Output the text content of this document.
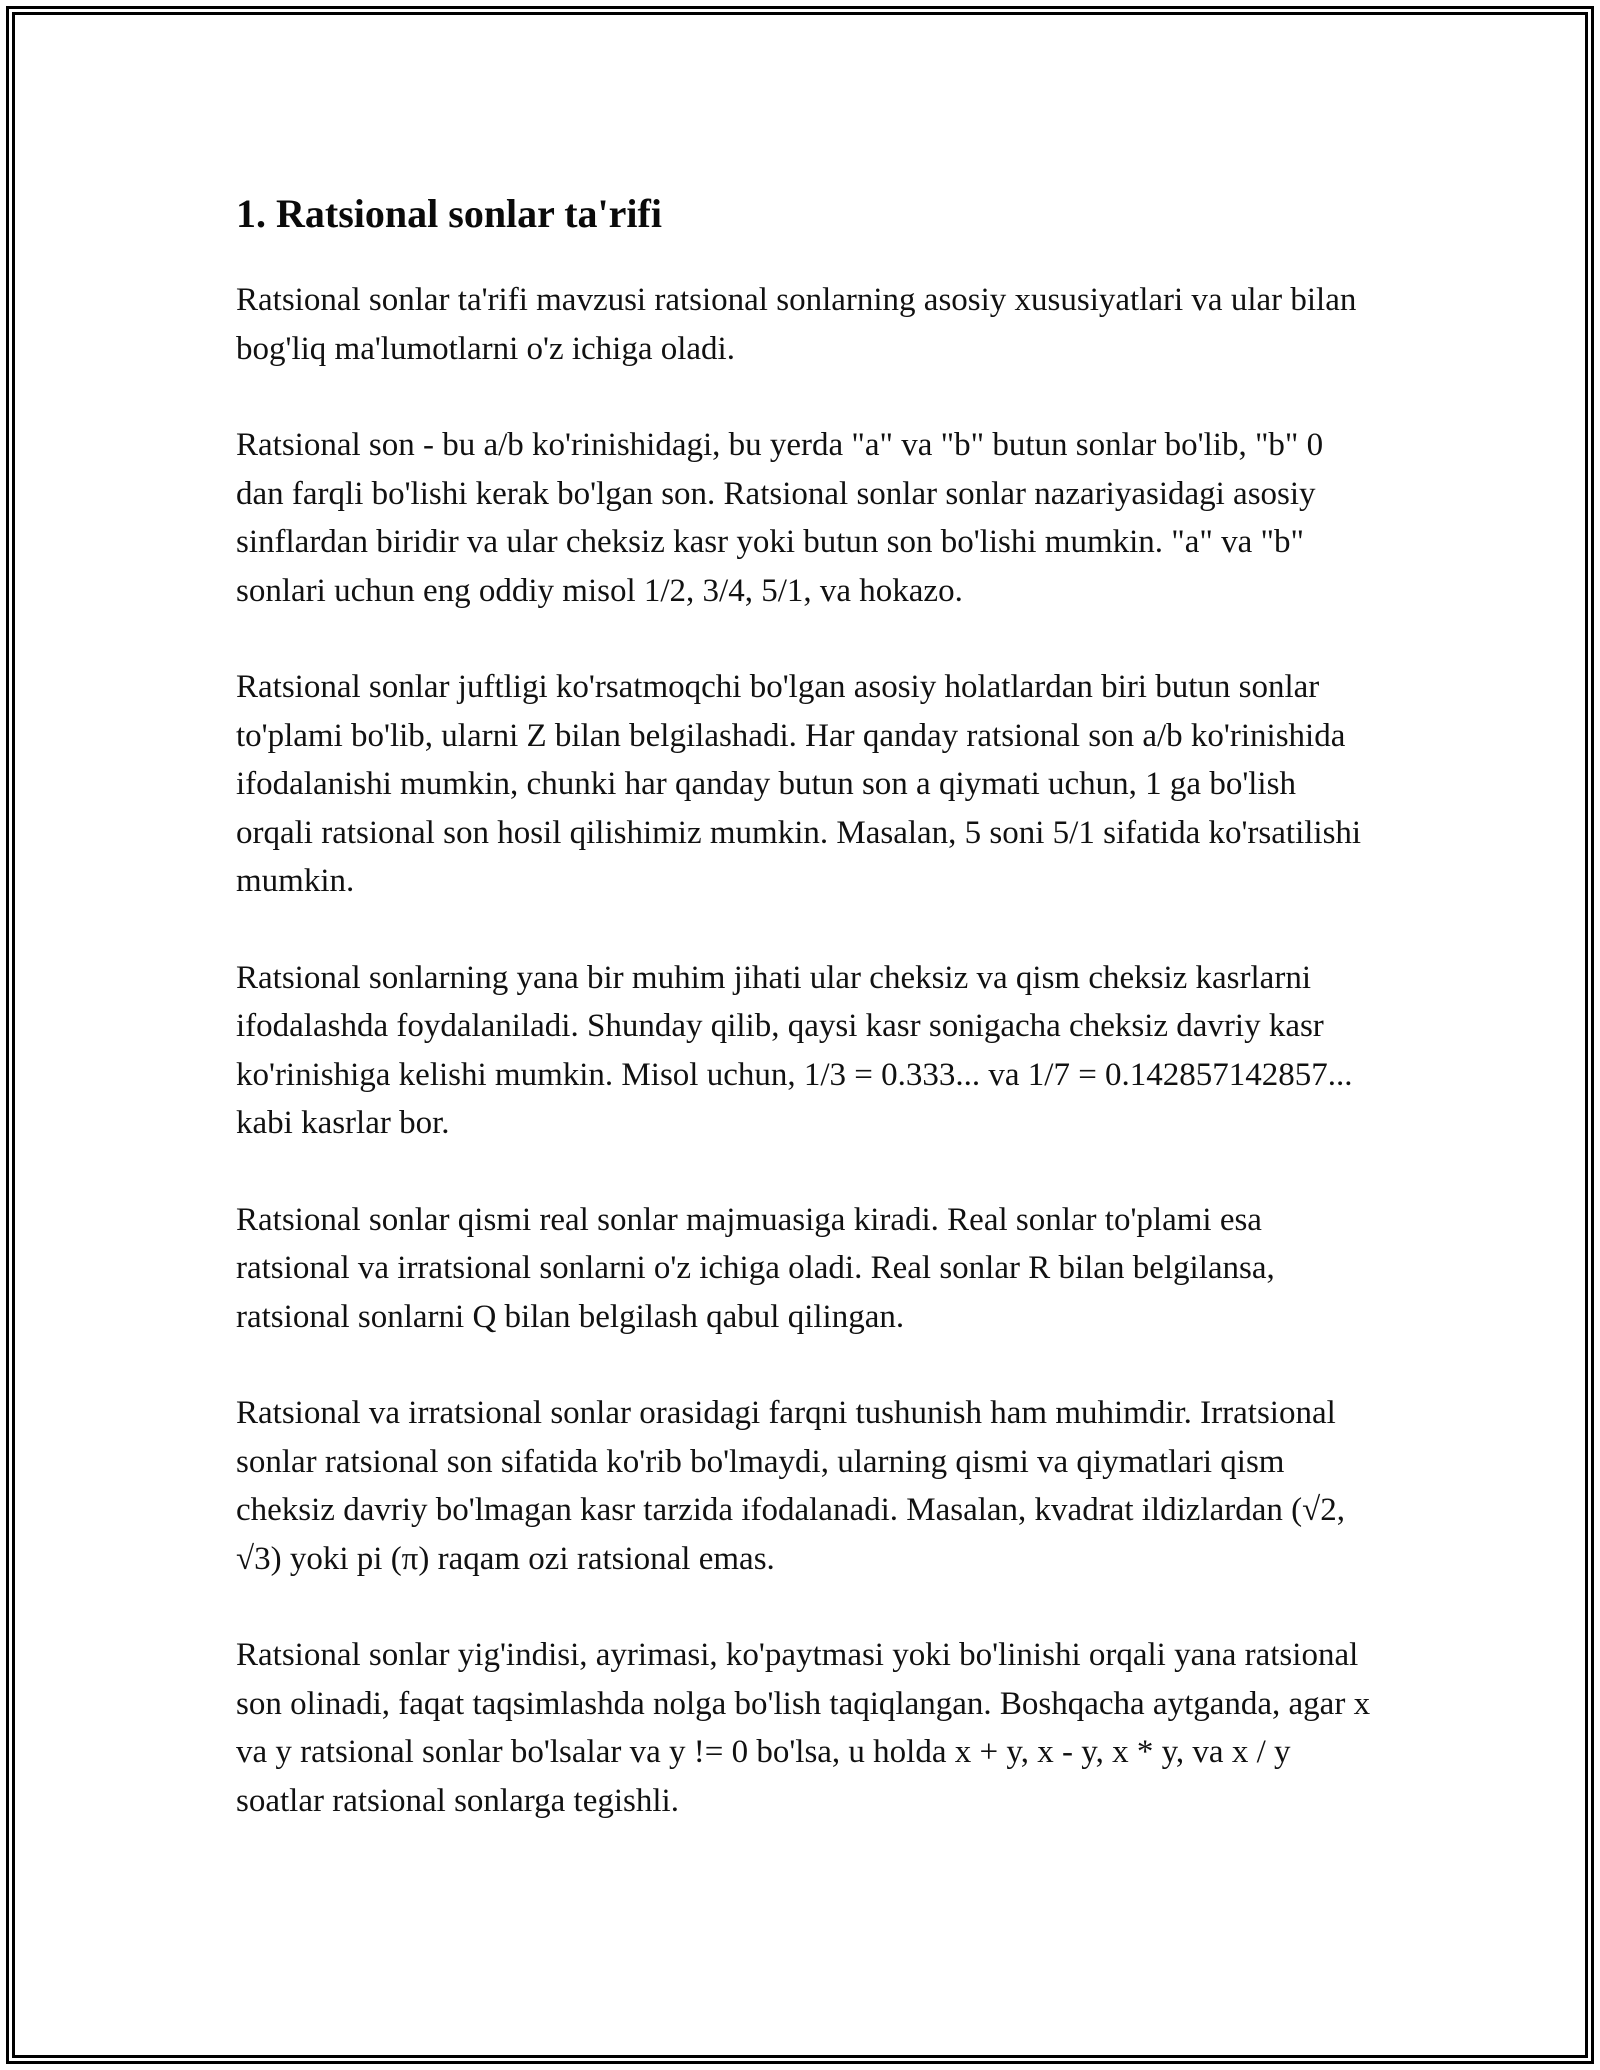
1. Ratsional sonlar ta'rifi

Ratsional sonlar ta'rifi mavzusi ratsional sonlarning asosiy xususiyatlari va ular bilan bog'liq ma'lumotlarni o'z ichiga oladi.

Ratsional son - bu a/b ko'rinishidagi, bu yerda "a" va "b" butun sonlar bo'lib, "b" 0 dan farqli bo'lishi kerak bo'lgan son. Ratsional sonlar sonlar nazariyasidagi asosiy sinflardan biridir va ular cheksiz kasr yoki butun son bo'lishi mumkin. "a" va "b" sonlari uchun eng oddiy misol 1/2, 3/4, 5/1, va hokazo.

Ratsional sonlar juftligi ko'rsatmoqchi bo'lgan asosiy holatlardan biri butun sonlar to'plami bo'lib, ularni Z bilan belgilashadi. Har qanday ratsional son a/b ko'rinishida ifodalanishi mumkin, chunki har qanday butun son a qiymati uchun, 1 ga bo'lish orqali ratsional son hosil qilishimiz mumkin. Masalan, 5 soni 5/1 sifatida ko'rsatilishi mumkin.

Ratsional sonlarning yana bir muhim jihati ular cheksiz va qism cheksiz kasrlarni ifodalashda foydalaniladi. Shunday qilib, qaysi kasr sonigacha cheksiz davriy kasr ko'rinishiga kelishi mumkin. Misol uchun, 1/3 = 0.333... va 1/7 = 0.142857142857... kabi kasrlar bor.

Ratsional sonlar qismi real sonlar majmuasiga kiradi. Real sonlar to'plami esa ratsional va irratsional sonlarni o'z ichiga oladi. Real sonlar R bilan belgilansa, ratsional sonlarni Q bilan belgilash qabul qilingan.

Ratsional va irratsional sonlar orasidagi farqni tushunish ham muhimdir. Irratsional sonlar ratsional son sifatida ko'rib bo'lmaydi, ularning qismi va qiymatlari qism cheksiz davriy bo'lmagan kasr tarzida ifodalanadi. Masalan, kvadrat ildizlardan (√2, √3) yoki pi (π) raqam ozi ratsional emas.

Ratsional sonlar yig'indisi, ayrimasi, ko'paytmasi yoki bo'linishi orqali yana ratsional son olinadi, faqat taqsimlashda nolga bo'lish taqiqlangan. Boshqacha aytganda, agar x va y ratsional sonlar bo'lsalar va y != 0 bo'lsa, u holda x + y, x - y, x * y, va x / y soatlar ratsional sonlarga tegishli.
